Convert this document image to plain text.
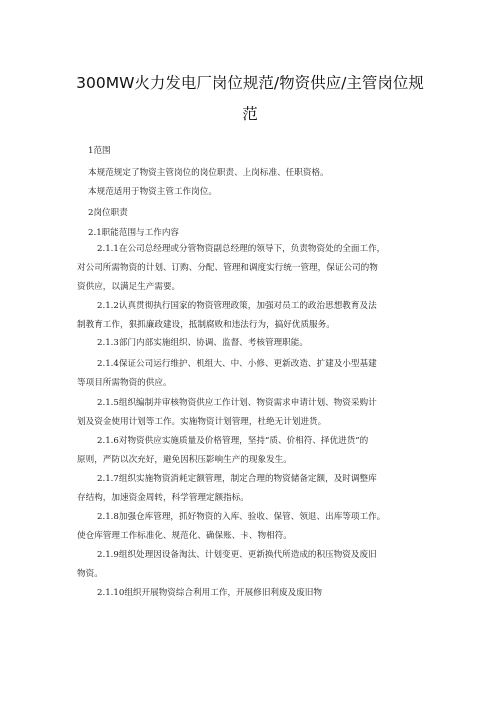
300MW火力发电厂岗位规范/物资供应/主管岗位规
范
1范围
本规范规定了物资主管岗位的岗位职责、上岗标准、任职资格。
本规范适用于物资主管工作岗位。
2岗位职责
2.1职能范围与工作内容
2.1.1在公司总经理或分管物资副总经理的领导下，负责物资处的全面工作，
对公司所需物资的计划、订购、分配、管理和调度实行统一管理，保证公司的物
资供应，以满足生产需要。
2.1.2认真贯彻执行国家的物资管理政策，加强对员工的政治思想教育及法
制教育工作，狠抓廉政建设，抵制腐败和违法行为，搞好优质服务。
2.1.3部门内部实施组织、协调、监督、考核管理职能。
2.1.4保证公司运行维护、机组大、中、小修、更新改造、扩建及小型基建
等项目所需物资的供应。
2.1.5组织编制并审核物资供应工作计划、物资需求申请计划、物资采购计
划及资金使用计划等工作。实施物资计划管理，杜绝无计划进货。
2.1.6对物资供应实施质量及价格管理，坚持“质、价相符、择优进货”的
原则，严防以次充好，避免因积压影响生产的现象发生。
2.1.7组织实施物资消耗定额管理，制定合理的物资储备定额，及时调整库
存结构，加速资金周转，科学管理定额指标。
2.1.8加强仓库管理，抓好物资的入库、验收、保管、领退、出库等项工作。
使仓库管理工作标准化、规范化、确保账、卡、物相符。
2.1.9组织处理因设备淘汰、计划变更、更新换代所造成的积压物资及废旧
物资。
2.1.10组织开展物资综合利用工作，开展修旧利废及废旧物
